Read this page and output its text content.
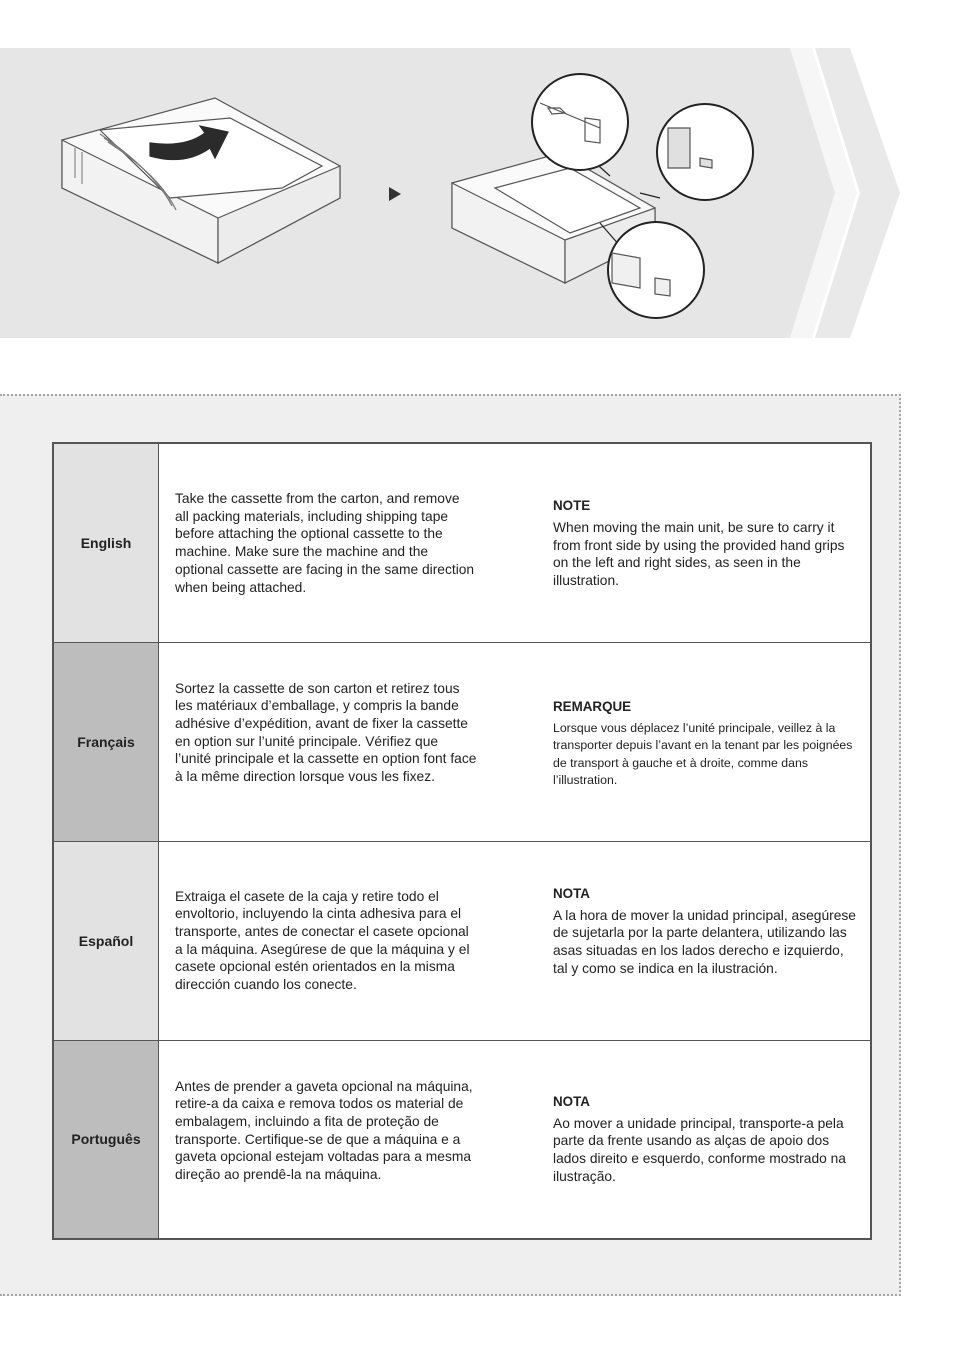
English	Take the cassette from the carton, and remove all packing materials, including shipping tape before attaching the optional cassette to the machine. Make sure the machine and the optional cassette are facing in the same direction when being attached.
NOTE
When moving the main unit, be sure to carry it from front side by using the provided hand grips on the left and right sides, as seen in the illustration.

Français	Sortez la cassette de son carton et retirez tous les matériaux d’emballage, y compris la bande adhésive d’expédition, avant de fixer la cassette en option sur l’unité principale. Vérifiez que l’unité principale et la cassette en option font face à la même direction lorsque vous les fixez.
REMARQUE
Lorsque vous déplacez l’unité principale, veillez à la transporter depuis l’avant en la tenant par les poignées de transport à gauche et à droite, comme dans l’illustration.

Español	Extraiga el casete de la caja y retire todo el envoltorio, incluyendo la cinta adhesiva para el transporte, antes de conectar el casete opcional a la máquina. Asegúrese de que la máquina y el casete opcional estén orientados en la misma dirección cuando los conecte.
NOTA
A la hora de mover la unidad principal, asegúrese de sujetarla por la parte delantera, utilizando las asas situadas en los lados derecho e izquierdo, tal y como se indica en la ilustración.

Português	Antes de prender a gaveta opcional na máquina, retire-a da caixa e remova todos os material de embalagem, incluindo a fita de proteção de transporte. Certifique-se de que a máquina e a gaveta opcional estejam voltadas para a mesma direção ao prendê-la na máquina.
NOTA
Ao mover a unidade principal, transporte-a pela parte da frente usando as alças de apoio dos lados direito e esquerdo, conforme mostrado na ilustração.
